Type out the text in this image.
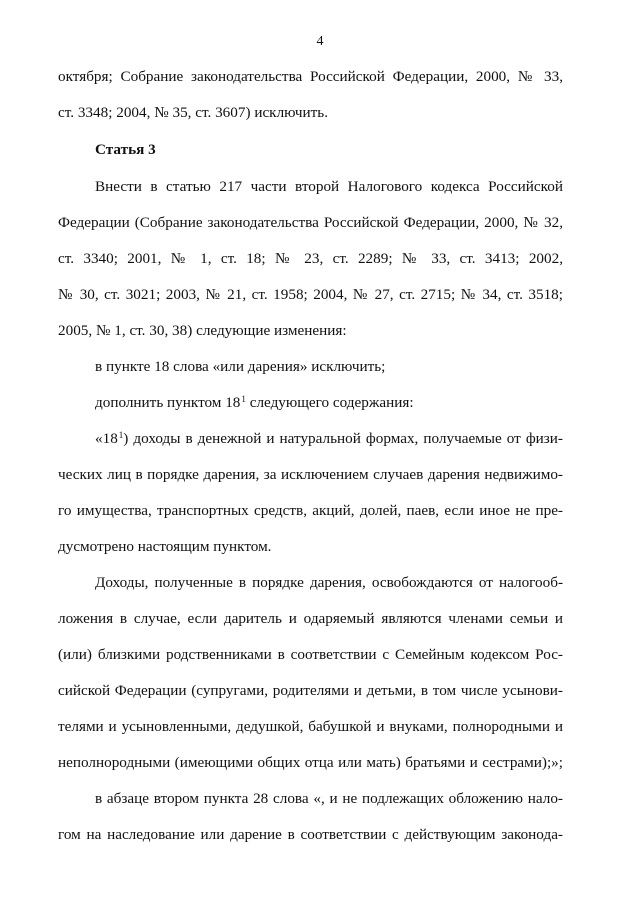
4
октября; Собрание законодательства Российской Федерации, 2000, № 33,
ст. 3348; 2004, № 35, ст. 3607) исключить.
Статья 3
Внести в статью 217 части второй Налогового кодекса Российской
Федерации (Собрание законодательства Российской Федерации, 2000, № 32,
ст. 3340; 2001, № 1, ст. 18; № 23, ст. 2289; № 33, ст. 3413; 2002,
№ 30, ст. 3021; 2003, № 21, ст. 1958; 2004, № 27, ст. 2715; № 34, ст. 3518;
2005, № 1, ст. 30, 38) следующие изменения:
в пункте 18 слова «или дарения» исключить;
дополнить пунктом $18^1$ следующего содержания:
«$18^1$) доходы в денежной и натуральной формах, получаемые от физи-
ческих лиц в порядке дарения, за исключением случаев дарения недвижимо-
го имущества, транспортных средств, акций, долей, паев, если иное не пре-
дусмотрено настоящим пунктом.
Доходы, полученные в порядке дарения, освобождаются от налогооб-
ложения в случае, если даритель и одаряемый являются членами семьи и
(или) близкими родственниками в соответствии с Семейным кодексом Рос-
сийской Федерации (супругами, родителями и детьми, в том числе усынови-
телями и усыновленными, дедушкой, бабушкой и внуками, полнородными и
неполнородными (имеющими общих отца или мать) братьями и сестрами);»;
в абзаце втором пункта 28 слова «, и не подлежащих обложению нало-
гом на наследование или дарение в соответствии с действующим законода-
